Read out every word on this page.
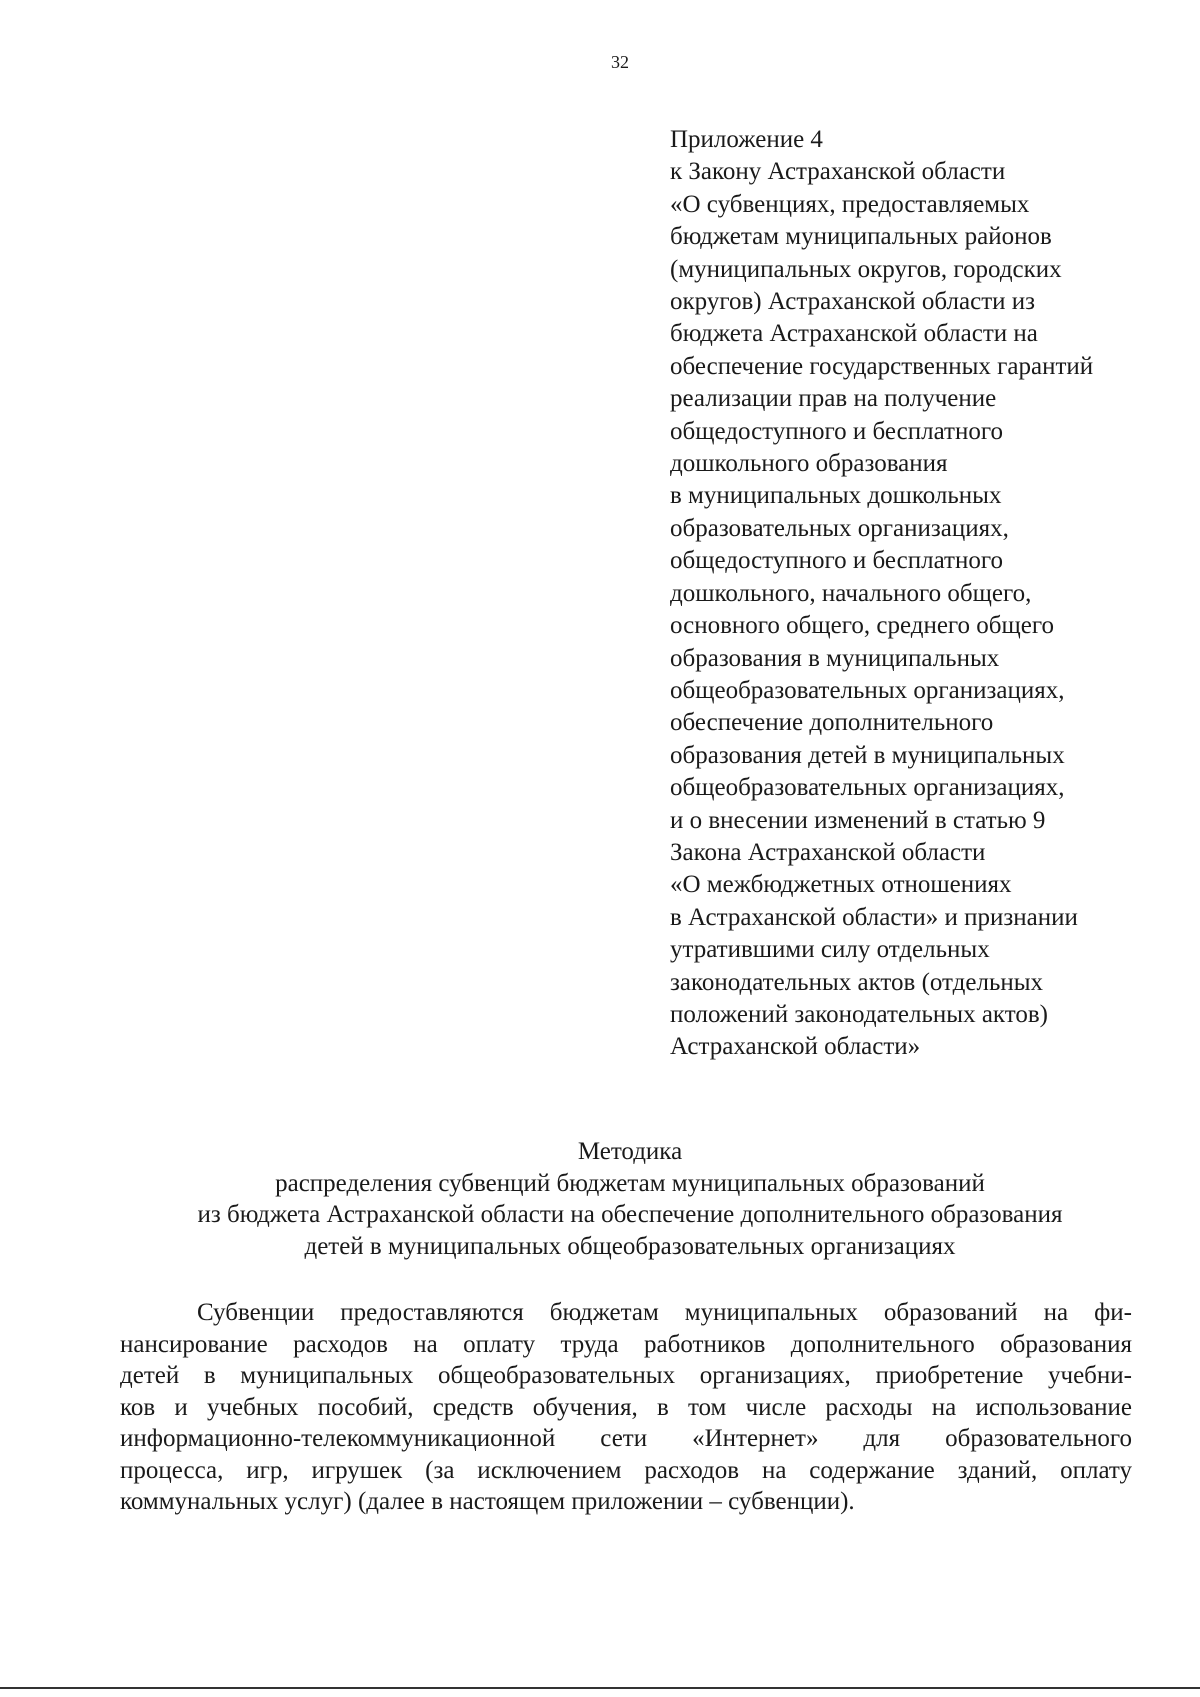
32
Приложение 4
к Закону Астраханской области
«О субвенциях, предоставляемых
бюджетам муниципальных районов
(муниципальных округов, городских
округов) Астраханской области из
бюджета Астраханской области на
обеспечение государственных гарантий
реализации прав на получение
общедоступного и бесплатного
дошкольного образования
в муниципальных дошкольных
образовательных организациях,
общедоступного и бесплатного
дошкольного, начального общего,
основного общего, среднего общего
образования в муниципальных
общеобразовательных организациях,
обеспечение дополнительного
образования детей в муниципальных
общеобразовательных организациях,
и о внесении изменений в статью 9
Закона Астраханской области
«О межбюджетных отношениях
в Астраханской области» и признании
утратившими силу отдельных
законодательных актов (отдельных
положений законодательных актов)
Астраханской области»
Методика
распределения субвенций бюджетам муниципальных образований
из бюджета Астраханской области на обеспечение дополнительного образования
детей в муниципальных общеобразовательных организациях
Субвенции предоставляются бюджетам муниципальных образований на фи-
нансирование расходов на оплату труда работников дополнительного образования
детей в муниципальных общеобразовательных организациях, приобретение учебни-
ков и учебных пособий, средств обучения, в том числе расходы на использование
информационно-телекоммуникационной сети «Интернет» для образовательного
процесса, игр, игрушек (за исключением расходов на содержание зданий, оплату
коммунальных услуг) (далее в настоящем приложении – субвенции).
